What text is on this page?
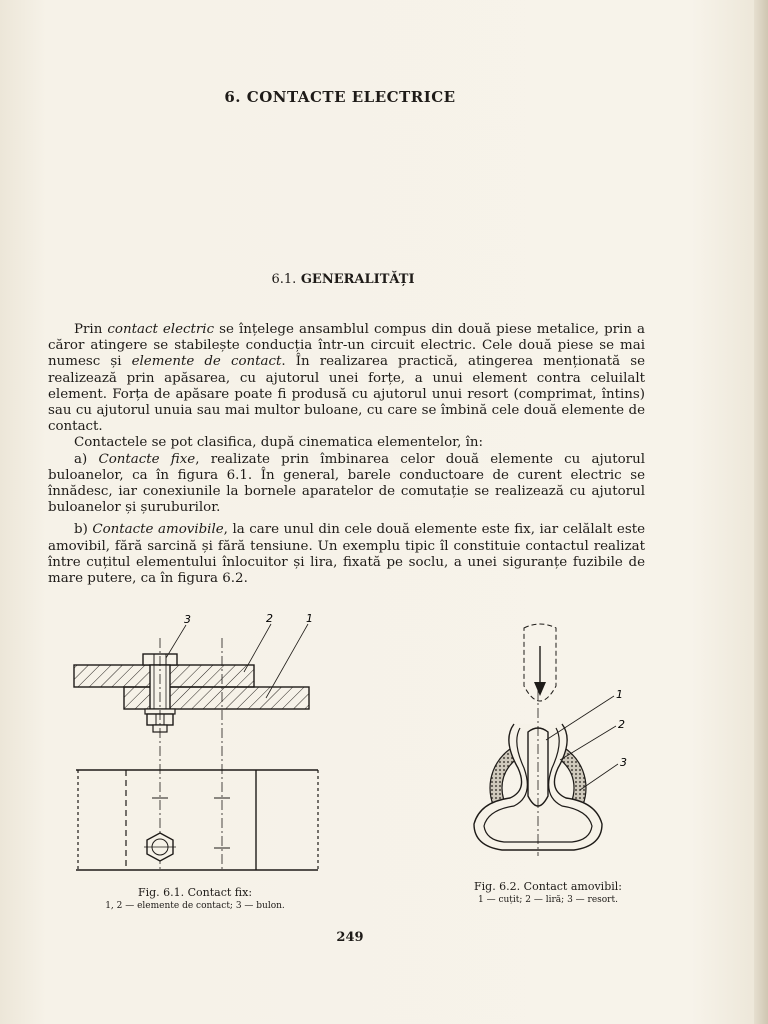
6. CONTACTE ELECTRICE
6.1. GENERALITĂȚI

Prin contact electric se înțelege ansamblul compus din două piese metalice, prin a căror atingere se stabilește conducția într-un circuit electric. Cele două piese se mai numesc și elemente de contact. În realizarea practică, atingerea menționată se realizează prin apăsarea, cu ajutorul unei forțe, a unui element contra celuilalt element. Forța de apăsare poate fi produsă cu ajutorul unui resort (comprimat, întins) sau cu ajutorul unuia sau mai multor buloane, cu care se îmbină cele două elemente de contact.

Contactele se pot clasifica, după cinematica elementelor, în:

a) Contacte fixe, realizate prin îmbinarea celor două elemente cu ajutorul buloanelor, ca în figura 6.1. În general, barele conductoare de curent electric se înnădesc, iar conexiunile la bornele aparatelor de comutație se realizează cu ajutorul buloanelor și șuruburilor.

b) Contacte amovibile, la care unul din cele două elemente este fix, iar celălalt este amovibil, fără sarcină și fără tensiune. Un exemplu tipic îl constituie contactul realizat între cuțitul elementului înlocuitor și lira, fixată pe soclu, a unei siguranțe fuzibile de mare putere, ca în figura 6.2.

3	2	1
Fig. 6.1. Contact fix:
1, 2 — elemente de contact; 3 — bulon.
1
2
3
Fig. 6.2. Contact amovibil:
1 — cuțit; 2 — liră; 3 — resort.
249
